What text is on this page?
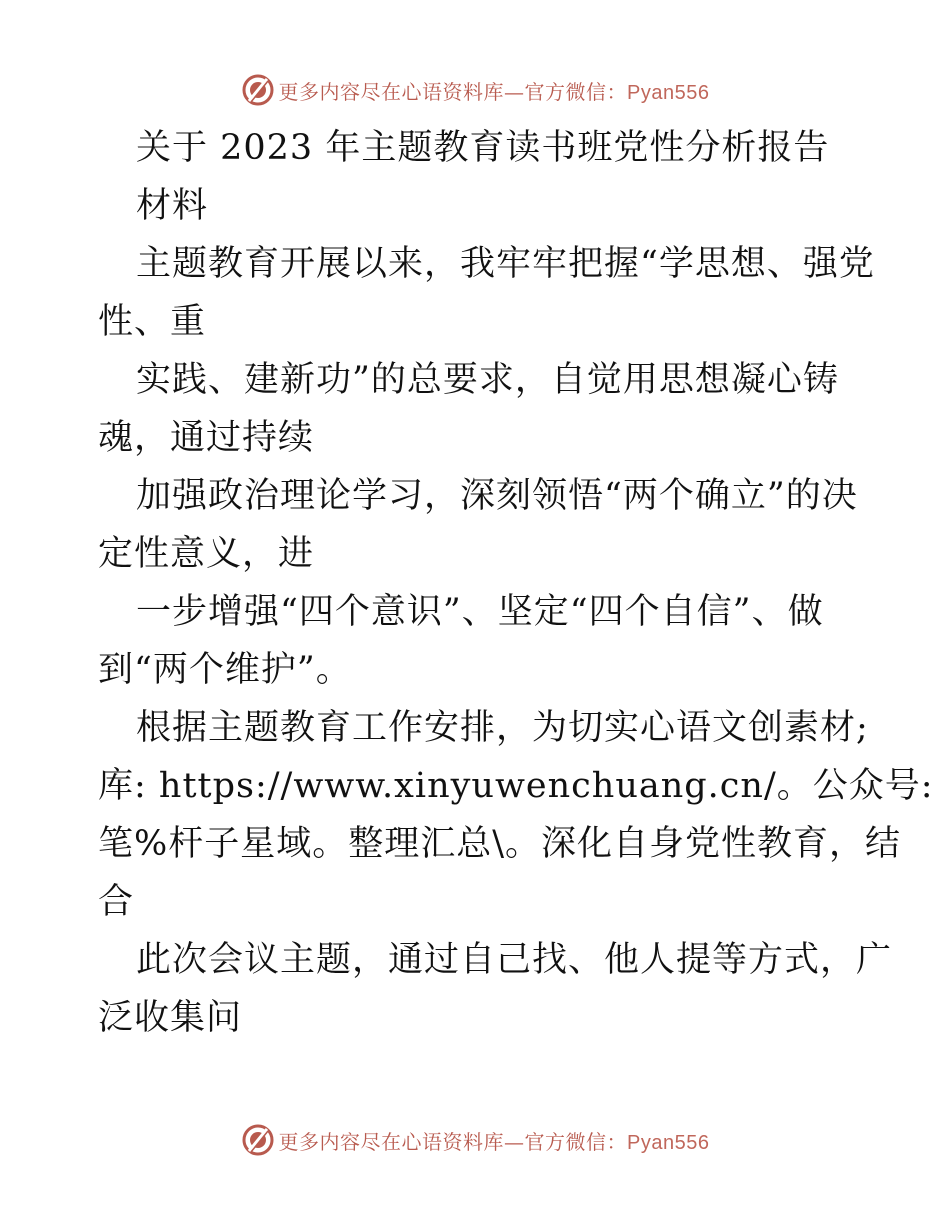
更多内容尽在心语资料库—官方微信：Pyan556
关于 2023 年主题教育读书班党性分析报告
材料
主题教育开展以来，我牢牢把握“学思想、强党
性、重
实践、建新功”的总要求，自觉用思想凝心铸
魂，通过持续
加强政治理论学习，深刻领悟“两个确立”的决
定性意义，进
一步增强“四个意识”、坚定“四个自信”、做
到“两个维护”。
根据主题教育工作安排，为切实心语文创素材;
库: https://www.xinyuwenchuang.cn/。公众号:
笔%杆子星域。整理汇总\。深化自身党性教育，结
合
此次会议主题，通过自己找、他人提等方式，广
泛收集问
更多内容尽在心语资料库—官方微信：Pyan556
